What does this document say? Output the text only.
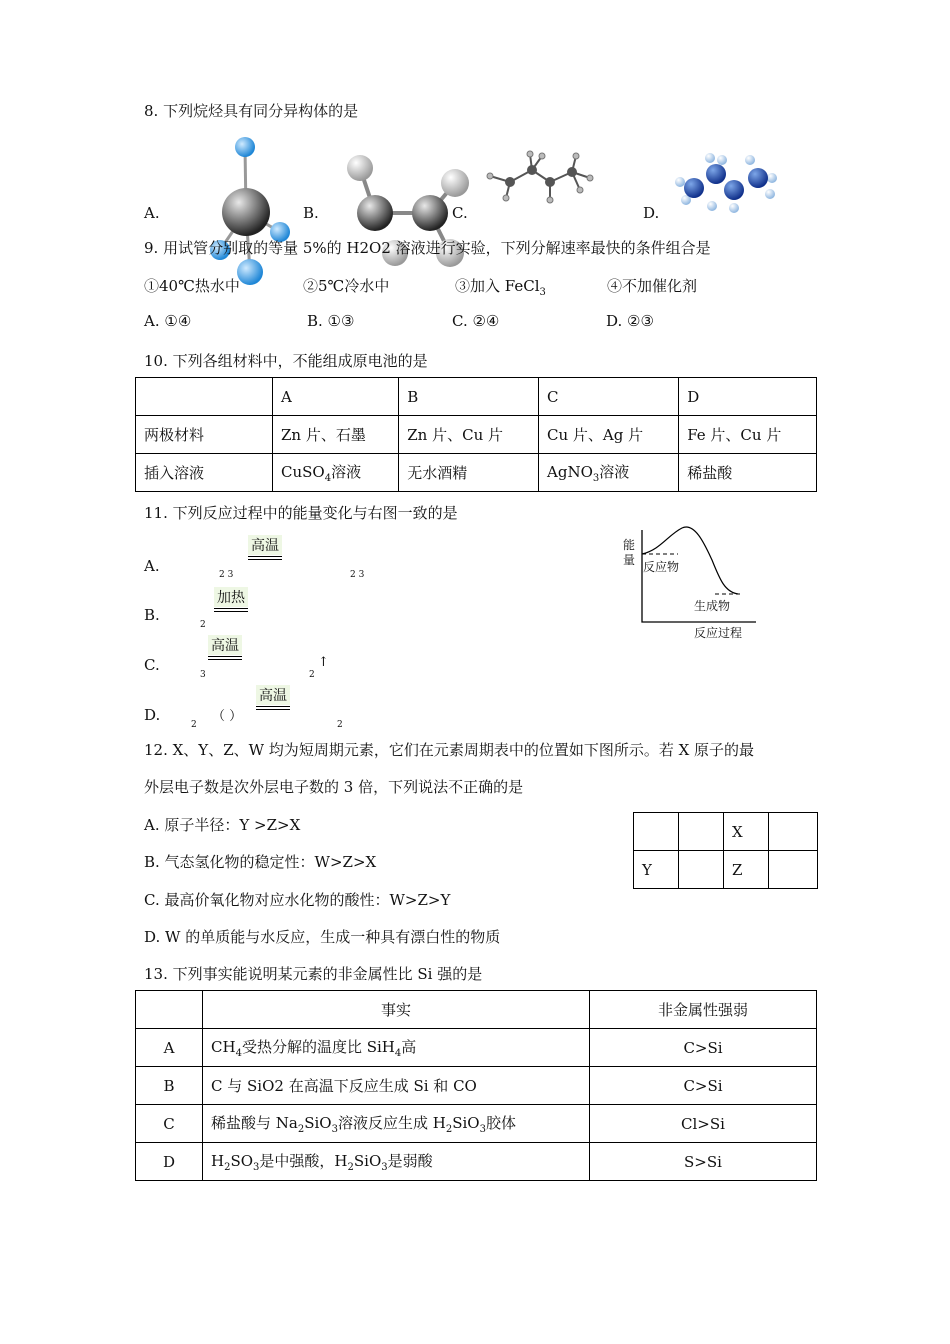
8. 下列烷烃具有同分异构体的是
A.	B.	C.	D.
9. 用试管分别取的等量 5%的 H2O2 溶液进行实验，下列分解速率最快的条件组合是
①40℃热水中	②5℃冷水中	③加入 FeCl$_3$	④不加催化剂
A. ①④	B. ①③	C. ②④	D. ②③
10. 下列各组材料中，不能组成原电池的是
	A	B	C	D
两极材料	Zn 片、石墨	Zn 片、Cu 片	Cu 片、Ag 片	Fe 片、Cu 片
插入溶液	CuSO$_4$溶液	无水酒精	AgNO$_3$溶液	稀盐酸
11. 下列反应过程中的能量变化与右图一致的是
A.
高温
2 3	2 3
B.
加热
2
C.
高温
3	2
↑
D.
高温
2
（ ）
2
能
量 反应物
生成物
反应过程
12. X、Y、Z、W 均为短周期元素，它们在元素周期表中的位置如下图所示。若 X 原子的最
外层电子数是次外层电子数的 3 倍，下列说法不正确的是
A. 原子半径：Y >Z>X
B. 气态氢化物的稳定性：W>Z>X
C. 最高价氧化物对应水化物的酸性：W>Z>Y
D. W 的单质能与水反应，生成一种具有漂白性的物质
		X	
Y		Z	
13. 下列事实能说明某元素的非金属性比 Si 强的是
	事实	非金属性强弱
A	$CH_4$受热分解的温度比 SiH$_4$高	C>Si
B	C 与 SiO2 在高温下反应生成 Si 和 CO	C>Si
C	稀盐酸与 $Na_2SiO_3$溶液反应生成 $H_2SiO_3$胶体	Cl>Si
D	$H_2SO_3$是中强酸，$H_2SiO_3$是弱酸	S>Si
